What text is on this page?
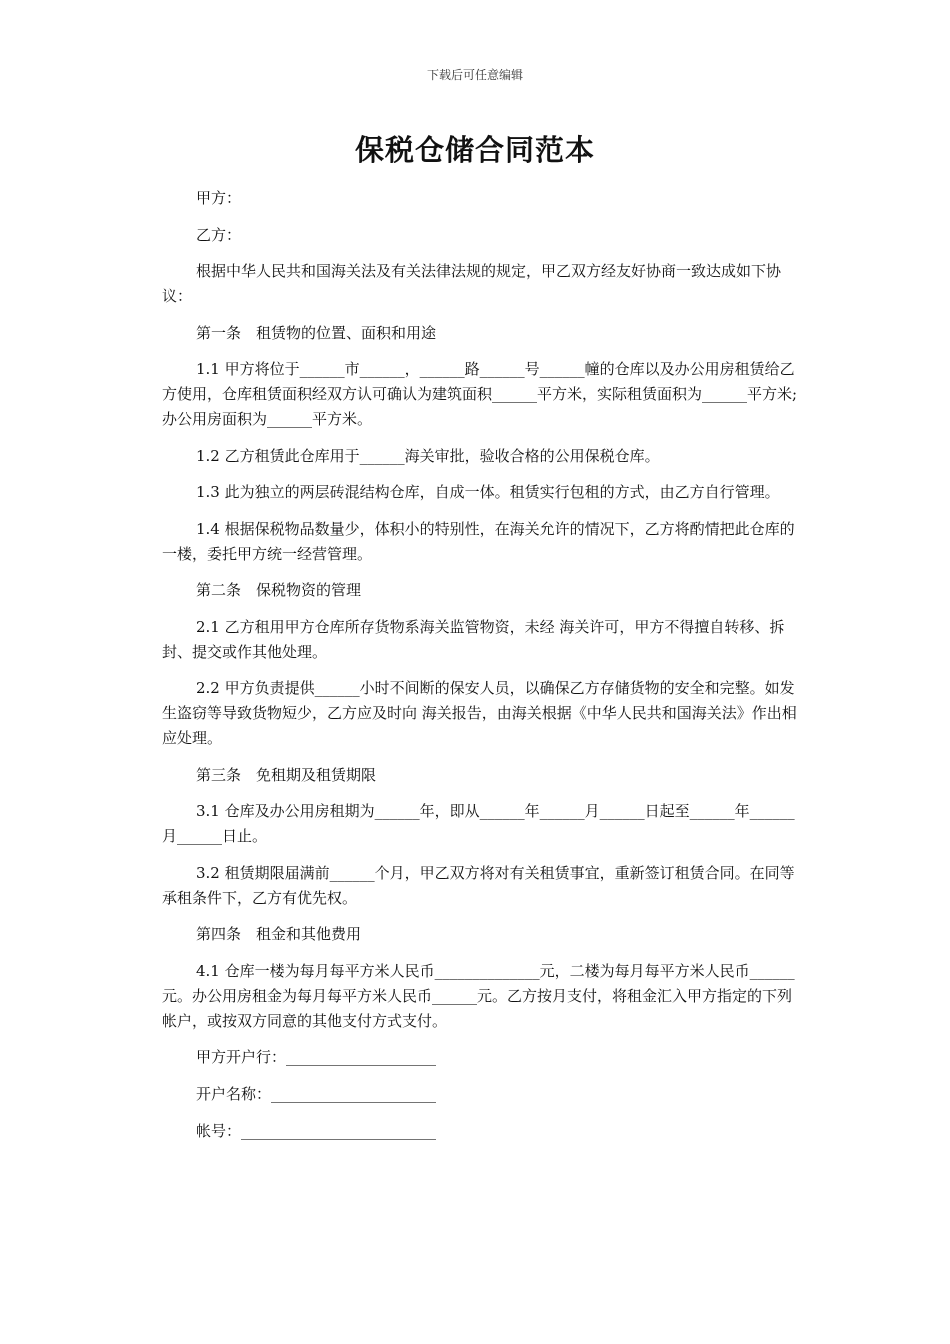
下载后可任意编辑
保税仓储合同范本

甲方：

乙方：

根据中华人民共和国海关法及有关法律法规的规定，甲乙双方经友好协商一致达成如下协议：

第一条　租赁物的位置、面积和用途

1.1 甲方将位于______市______，______路______号______幢的仓库以及办公用房租赁给乙方使用，仓库租赁面积经双方认可确认为建筑面积______平方米，实际租赁面积为______平方米;办公用房面积为______平方米。

1.2 乙方租赁此仓库用于______海关审批，验收合格的公用保税仓库。

1.3 此为独立的两层砖混结构仓库，自成一体。租赁实行包租的方式，由乙方自行管理。

1.4 根据保税物品数量少，体积小的特别性，在海关允许的情况下，乙方将酌情把此仓库的一楼，委托甲方统一经营管理。

第二条　保税物资的管理

2.1 乙方租用甲方仓库所存货物系海关监管物资，未经 海关许可，甲方不得擅自转移、拆封、提交或作其他处理。

2.2 甲方负责提供______小时不间断的保安人员，以确保乙方存储货物的安全和完整。如发生盗窃等导致货物短少，乙方应及时向 海关报告，由海关根据《中华人民共和国海关法》作出相应处理。

第三条　免租期及租赁期限

3.1 仓库及办公用房租期为______年，即从______年______月______日起至______年______月______日止。

3.2 租赁期限届满前______个月，甲乙双方将对有关租赁事宜，重新签订租赁合同。在同等承租条件下，乙方有优先权。

第四条　租金和其他费用

4.1 仓库一楼为每月每平方米人民币______________元，二楼为每月每平方米人民币______元。办公用房租金为每月每平方米人民币______元。乙方按月支付，将租金汇入甲方指定的下列帐户，或按双方同意的其他支付方式支付。

甲方开户行：____________________

开户名称：______________________

帐号：__________________________
